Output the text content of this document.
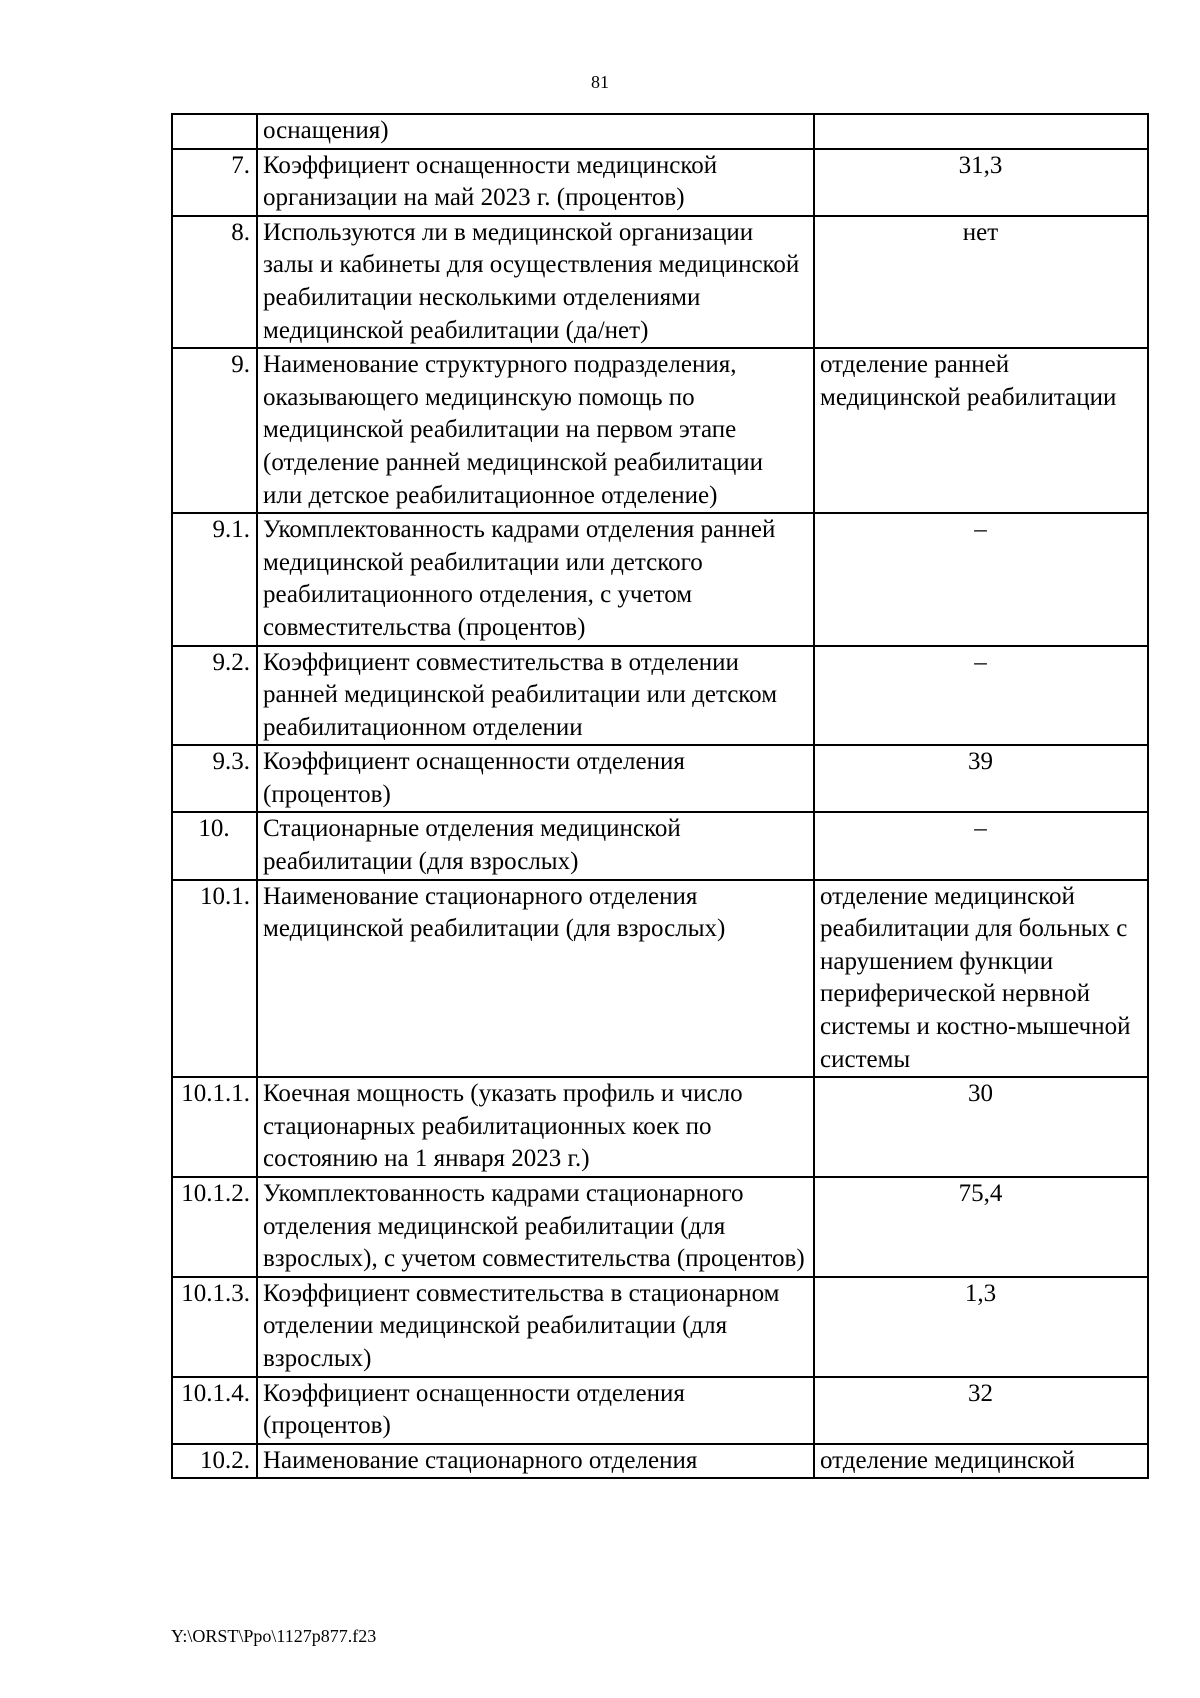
81
	оснащения)	
7.	Коэффициент оснащенности медицинской организации на май 2023 г. (процентов)	31,3
8.	Используются ли в медицинской организации залы и кабинеты для осуществления медицинской реабилитации несколькими отделениями медицинской реабилитации (да/нет)	нет
9.	Наименование структурного подразделения, оказывающего медицинскую помощь по медицинской реабилитации на первом этапе (отделение ранней медицинской реабилитации или детское реабилитационное отделение)	отделение ранней медицинской реабилитации
9.1.	Укомплектованность кадрами отделения ранней медицинской реабилитации или детского реабилитационного отделения, с учетом совместительства (процентов)	–
9.2.	Коэффициент совместительства в отделении ранней медицинской реабилитации или детском реабилитационном отделении	–
9.3.	Коэффициент оснащенности отделения (процентов)	39
10.	Стационарные отделения медицинской реабилитации (для взрослых)	–
10.1.	Наименование стационарного отделения медицинской реабилитации (для взрослых)	отделение медицинской реабилитации для больных с нарушением функции периферической нервной системы и костно-мышечной системы
10.1.1.	Коечная мощность (указать профиль и число стационарных реабилитационных коек по состоянию на 1 января 2023 г.)	30
10.1.2.	Укомплектованность кадрами стационарного отделения медицинской реабилитации (для взрослых), с учетом совместительства (процентов)	75,4
10.1.3.	Коэффициент совместительства в стационарном отделении медицинской реабилитации (для взрослых)	1,3
10.1.4.	Коэффициент оснащенности отделения (процентов)	32
10.2.	Наименование стационарного отделения	отделение медицинской
Y:\ORST\Ppo\1127p877.f23
